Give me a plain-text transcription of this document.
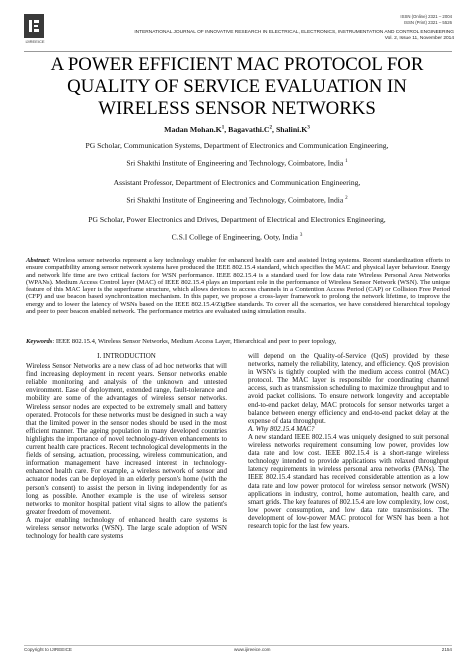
IJIREEICE
ISSN (Online) 2321 – 2004
ISSN (Print) 2321 – 5526
INTERNATIONAL JOURNAL OF INNOVATIVE RESEARCH IN ELECTRICAL, ELECTRONICS, INSTRUMENTATION AND CONTROL ENGINEERING
Vol. 2, Issue 11, November 2014
A POWER EFFICIENT MAC PROTOCOL FOR
QUALITY OF SERVICE EVALUATION IN
WIRELESS SENSOR NETWORKS
Madan $Mohan.K^1$, $Bagavathi.C^2$, $Shalini.K^3$
PG Scholar, Communication Systems, Department of Electronics and Communication Engineering,
Sri Shakthi Institute of Engineering and Technology, Coimbatore, India $^1$
Assistant Professor, Department of Electronics and Communication Engineering,
Sri Shakthi Institute of Engineering and Technology, Coimbatore, India $^2$
PG Scholar, Power Electronics and Drives, Department of Electrical and Electronics Engineering,
C.S.I College of Engineering, Ooty, India $^3$
Abstract: Wireless sensor networks represent a key technology enabler for enhanced health care and assisted living systems. Recent standardization efforts to ensure compatibility among sensor network systems have produced the IEEE 802.15.4 standard, which specifies the MAC and physical layer behaviour. Energy and network life time are two critical factors for WSN performance. IEEE 802.15.4 is a standard used for low data rate Wireless Personal Area Networks (WPANs). Medium Access Control layer (MAC) of IEEE 802.15.4 plays an important role in the performance of Wireless Sensor Network (WSN). The unique feature of this MAC layer is the superframe structure, which allows devices to access channels in a Contention Access Period (CAP) or Collision Free Period (CFP) and use beacon based synchronization mechanism. In this paper, we propose a cross-layer framework to prolong the network lifetime, to improve the energy and to lower the latency of WSNs based on the IEEE 802.15.4/ZigBee standards. To cover all the scenarios, we have considered hierarchical topology and peer to peer beacon enabled network. The performance metrics are evaluated using simulation results.
Keywords: IEEE 802.15.4, Wireless Sensor Networks, Medium Access Layer, Hierarchical and peer to peer topology,
I. INTRODUCTION

Wireless Sensor Networks are a new class of ad hoc networks that will find increasing deployment in recent years. Sensor networks enable reliable monitoring and analysis of the unknown and untested environment. Ease of deployment, extended range, fault-tolerance and mobility are some of the advantages of wireless sensor networks. Wireless sensor nodes are expected to be extremely small and battery operated. Protocols for these networks must be designed in such a way that the limited power in the sensor nodes should be used in the most efficient manner. The ageing population in many developed countries highlights the importance of novel technology-driven enhancements to current health care practices. Recent technological developments in the fields of sensing, actuation, processing, wireless communication, and information management have increased interest in technology-enhanced health care. For example, a wireless network of sensor and actuator nodes can be deployed in an elderly person's home (with the person's consent) to assist the person in living independently for as long as possible. Another example is the use of wireless sensor networks to monitor hospital patient vital signs to allow the patient's greater freedom of movement.

A major enabling technology of enhanced health care systems is wireless sensor networks (WSN). The large scale adoption of WSN technology for health care systems

will depend on the Quality-of-Service (QoS) provided by these networks, namely the reliability, latency, and efficiency. QoS provision in WSN's is tightly coupled with the medium access control (MAC) protocol. The MAC layer is responsible for coordinating channel access, such as transmission scheduling to maximize throughput and to avoid packet collisions. To ensure network longevity and acceptable end-to-end packet delay, MAC protocols for sensor networks target a balance between energy efficiency and end-to-end packet delay at the expense of data throughput.

A. Why 802.15.4 MAC?

A new standard IEEE 802.15.4 was uniquely designed to suit personal wireless networks requirement consuming low power, provides low data rate and low cost. IEEE 802.15.4 is a short-range wireless technology intended to provide applications with relaxed throughput latency requirements in wireless personal area networks (PANs). The IEEE 802.15.4 standard has received considerable attention as a low data rate and low power protocol for wireless sensor network (WSN) applications in industry, control, home automation, health care, and smart grids. The key features of 802.15.4 are low complexity, low cost, low power consumption, and low data rate transmissions. The development of low-power MAC protocol for WSN has been a hot research topic for the last few years.

Copyright to IJIREEICE	www.ijireeice.com	2154
